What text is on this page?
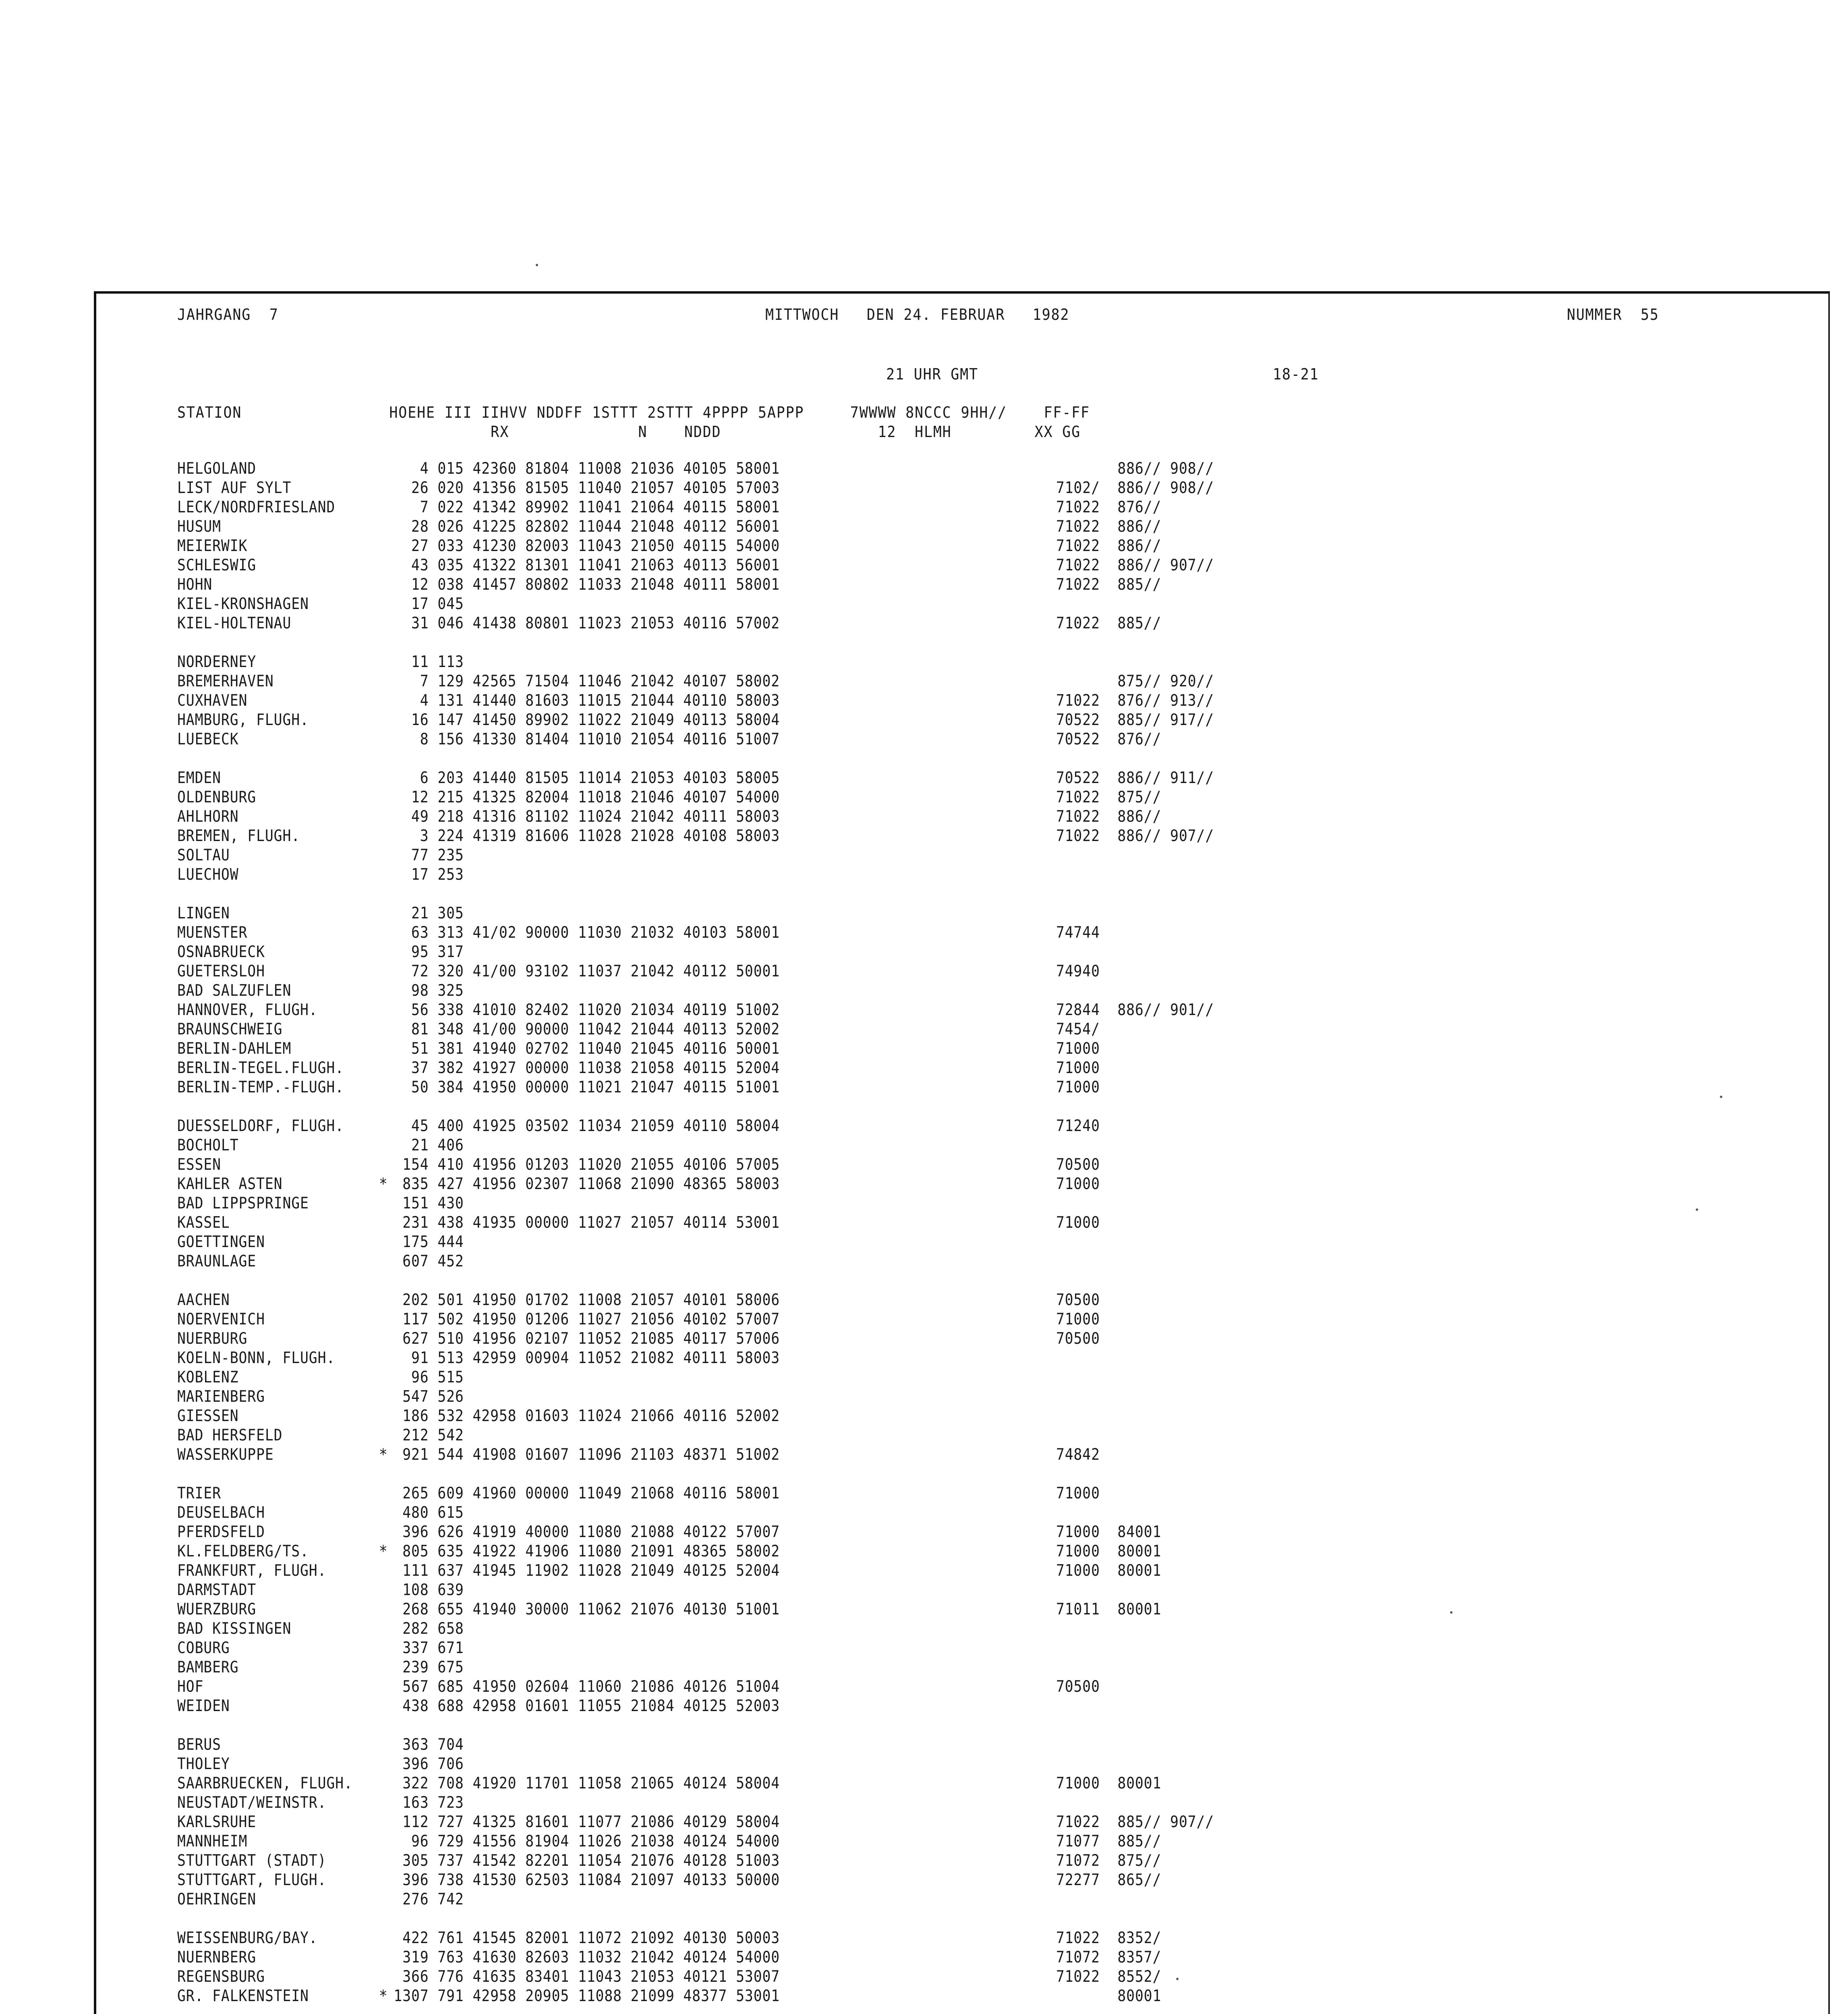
JAHRGANG  7	MITTWOCH   DEN 24. FEBRUAR   1982	NUMMER  55
21 UHR GMT	18-21
STATION                HOEHE III IIHVV NDDFF 1STTT 2STTT 4PPPP 5APPP     7WWWW 8NCCC 9HH//    FF-FF
RX              N    NDDD                 12  HLMH         XX GG
HELGOLAND	4 015 42360 81804 11008 21036 40105 58001	886// 908//
LIST AUF SYLT	26 020 41356 81505 11040 21057 40105 57003	7102/  886// 908//
LECK/NORDFRIESLAND	7 022 41342 89902 11041 21064 40115 58001	71022  876//
HUSUM	28 026 41225 82802 11044 21048 40112 56001	71022  886//
MEIERWIK	27 033 41230 82003 11043 21050 40115 54000	71022  886//
SCHLESWIG	43 035 41322 81301 11041 21063 40113 56001	71022  886// 907//
HOHN	12 038 41457 80802 11033 21048 40111 58001	71022  885//
KIEL-KRONSHAGEN	17 045
KIEL-HOLTENAU	31 046 41438 80801 11023 21053 40116 57002	71022  885//
NORDERNEY	11 113
BREMERHAVEN	7 129 42565 71504 11046 21042 40107 58002	875// 920//
CUXHAVEN	4 131 41440 81603 11015 21044 40110 58003	71022  876// 913//
HAMBURG, FLUGH.	16 147 41450 89902 11022 21049 40113 58004	70522  885// 917//
LUEBECK	8 156 41330 81404 11010 21054 40116 51007	70522  876//
EMDEN	6 203 41440 81505 11014 21053 40103 58005	70522  886// 911//
OLDENBURG	12 215 41325 82004 11018 21046 40107 54000	71022  875//
AHLHORN	49 218 41316 81102 11024 21042 40111 58003	71022  886//
BREMEN, FLUGH.	3 224 41319 81606 11028 21028 40108 58003	71022  886// 907//
SOLTAU	77 235
LUECHOW	17 253
LINGEN	21 305
MUENSTER	63 313 41/02 90000 11030 21032 40103 58001	74744
OSNABRUECK	95 317
GUETERSLOH	72 320 41/00 93102 11037 21042 40112 50001	74940
BAD SALZUFLEN	98 325
HANNOVER, FLUGH.	56 338 41010 82402 11020 21034 40119 51002	72844  886// 901//
BRAUNSCHWEIG	81 348 41/00 90000 11042 21044 40113 52002	7454/
BERLIN-DAHLEM	51 381 41940 02702 11040 21045 40116 50001	71000
BERLIN-TEGEL.FLUGH.	37 382 41927 00000 11038 21058 40115 52004	71000
BERLIN-TEMP.-FLUGH.	50 384 41950 00000 11021 21047 40115 51001	71000
DUESSELDORF, FLUGH.	45 400 41925 03502 11034 21059 40110 58004	71240
BOCHOLT	21 406
ESSEN	154 410 41956 01203 11020 21055 40106 57005	70500
KAHLER ASTEN	* 835 427 41956 02307 11068 21090 48365 58003	71000
BAD LIPPSPRINGE	151 430
KASSEL	231 438 41935 00000 11027 21057 40114 53001	71000
GOETTINGEN	175 444
BRAUNLAGE	607 452
AACHEN	202 501 41950 01702 11008 21057 40101 58006	70500
NOERVENICH	117 502 41950 01206 11027 21056 40102 57007	71000
NUERBURG	627 510 41956 02107 11052 21085 40117 57006	70500
KOELN-BONN, FLUGH.	91 513 42959 00904 11052 21082 40111 58003
KOBLENZ	96 515
MARIENBERG	547 526
GIESSEN	186 532 42958 01603 11024 21066 40116 52002
BAD HERSFELD	212 542
WASSERKUPPE	* 921 544 41908 01607 11096 21103 48371 51002	74842
TRIER	265 609 41960 00000 11049 21068 40116 58001	71000
DEUSELBACH	480 615
PFERDSFELD	396 626 41919 40000 11080 21088 40122 57007	71000  84001
KL.FELDBERG/TS.	* 805 635 41922 41906 11080 21091 48365 58002	71000  80001
FRANKFURT, FLUGH.	111 637 41945 11902 11028 21049 40125 52004	71000  80001
DARMSTADT	108 639
WUERZBURG	268 655 41940 30000 11062 21076 40130 51001	71011  80001
BAD KISSINGEN	282 658
COBURG	337 671
BAMBERG	239 675
HOF	567 685 41950 02604 11060 21086 40126 51004	70500
WEIDEN	438 688 42958 01601 11055 21084 40125 52003
BERUS	363 704
THOLEY	396 706
SAARBRUECKEN, FLUGH.	322 708 41920 11701 11058 21065 40124 58004	71000  80001
NEUSTADT/WEINSTR.	163 723
KARLSRUHE	112 727 41325 81601 11077 21086 40129 58004	71022  885// 907//
MANNHEIM	96 729 41556 81904 11026 21038 40124 54000	71077  885//
STUTTGART (STADT)	305 737 41542 82201 11054 21076 40128 51003	71072  875//
STUTTGART, FLUGH.	396 738 41530 62503 11084 21097 40133 50000	72277  865//
OEHRINGEN	276 742
WEISSENBURG/BAY.	422 761 41545 82001 11072 21092 40130 50003	71022  8352/
NUERNBERG	319 763 41630 82603 11032 21042 40124 54000	71072  8357/
REGENSBURG	366 776 41635 83401 11043 21053 40121 53007	71022  8552/
GR. FALKENSTEIN	* 1307 791 42958 20905 11088 21099 48377 53001	80001
